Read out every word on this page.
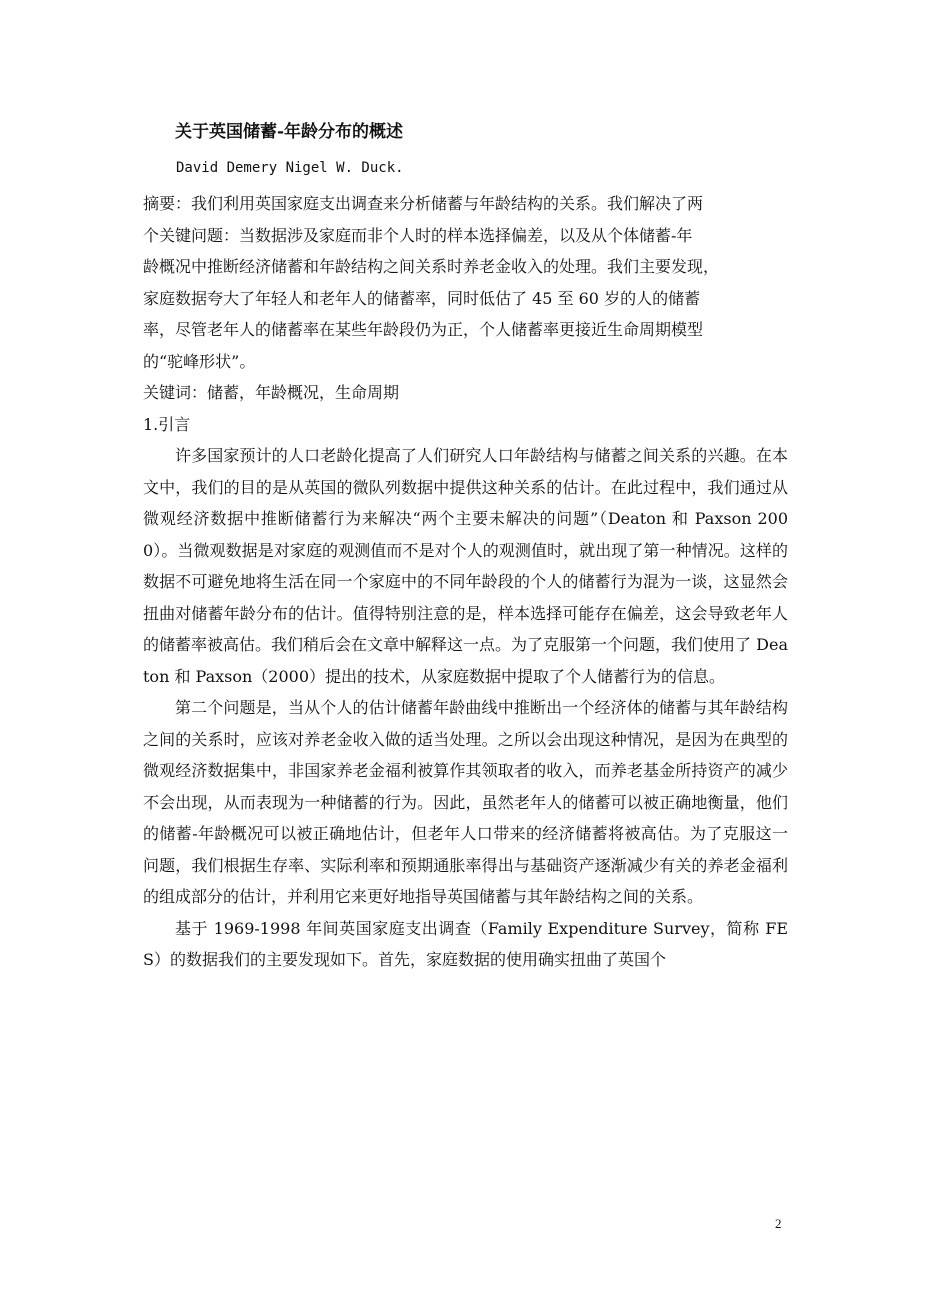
关于英国储蓄-年龄分布的概述
David Demery Nigel W. Duck.

摘要：我们利用英国家庭支出调查来分析储蓄与年龄结构的关系。我们解决了两

个关键问题：当数据涉及家庭而非个人时的样本选择偏差，以及从个体储蓄-年

龄概况中推断经济储蓄和年龄结构之间关系时养老金收入的处理。我们主要发现，

家庭数据夸大了年轻人和老年人的储蓄率，同时低估了 45 至 60 岁的人的储蓄

率，尽管老年人的储蓄率在某些年龄段仍为正，个人储蓄率更接近生命周期模型

的“驼峰形状”。

关键词：储蓄，年龄概况，生命周期

1.引言

许多国家预计的人口老龄化提高了人们研究人口年龄结构与储蓄之间关系的兴趣。在本文中，我们的目的是从英国的微队列数据中提供这种关系的估计。在此过程中，我们通过从微观经济数据中推断储蓄行为来解决“两个主要未解决的问题”（Deaton 和 Paxson 2000）。当微观数据是对家庭的观测值而不是对个人的观测值时，就出现了第一种情况。这样的数据不可避免地将生活在同一个家庭中的不同年龄段的个人的储蓄行为混为一谈，这显然会扭曲对储蓄年龄分布的估计。值得特别注意的是，样本选择可能存在偏差，这会导致老年人的储蓄率被高估。我们稍后会在文章中解释这一点。为了克服第一个问题，我们使用了 Deaton 和 Paxson（2000）提出的技术，从家庭数据中提取了个人储蓄行为的信息。

第二个问题是，当从个人的估计储蓄年龄曲线中推断出一个经济体的储蓄与其年龄结构之间的关系时，应该对养老金收入做的适当处理。之所以会出现这种情况，是因为在典型的微观经济数据集中，非国家养老金福利被算作其领取者的收入，而养老基金所持资产的减少不会出现，从而表现为一种储蓄的行为。因此，虽然老年人的储蓄可以被正确地衡量，他们的储蓄-年龄概况可以被正确地估计，但老年人口带来的经济储蓄将被高估。为了克服这一问题，我们根据生存率、实际利率和预期通胀率得出与基础资产逐渐减少有关的养老金福利的组成部分的估计，并利用它来更好地指导英国储蓄与其年龄结构之间的关系。

基于 1969-1998 年间英国家庭支出调查（Family Expenditure Survey，简称 FES）的数据我们的主要发现如下。首先，家庭数据的使用确实扭曲了英国个

2
